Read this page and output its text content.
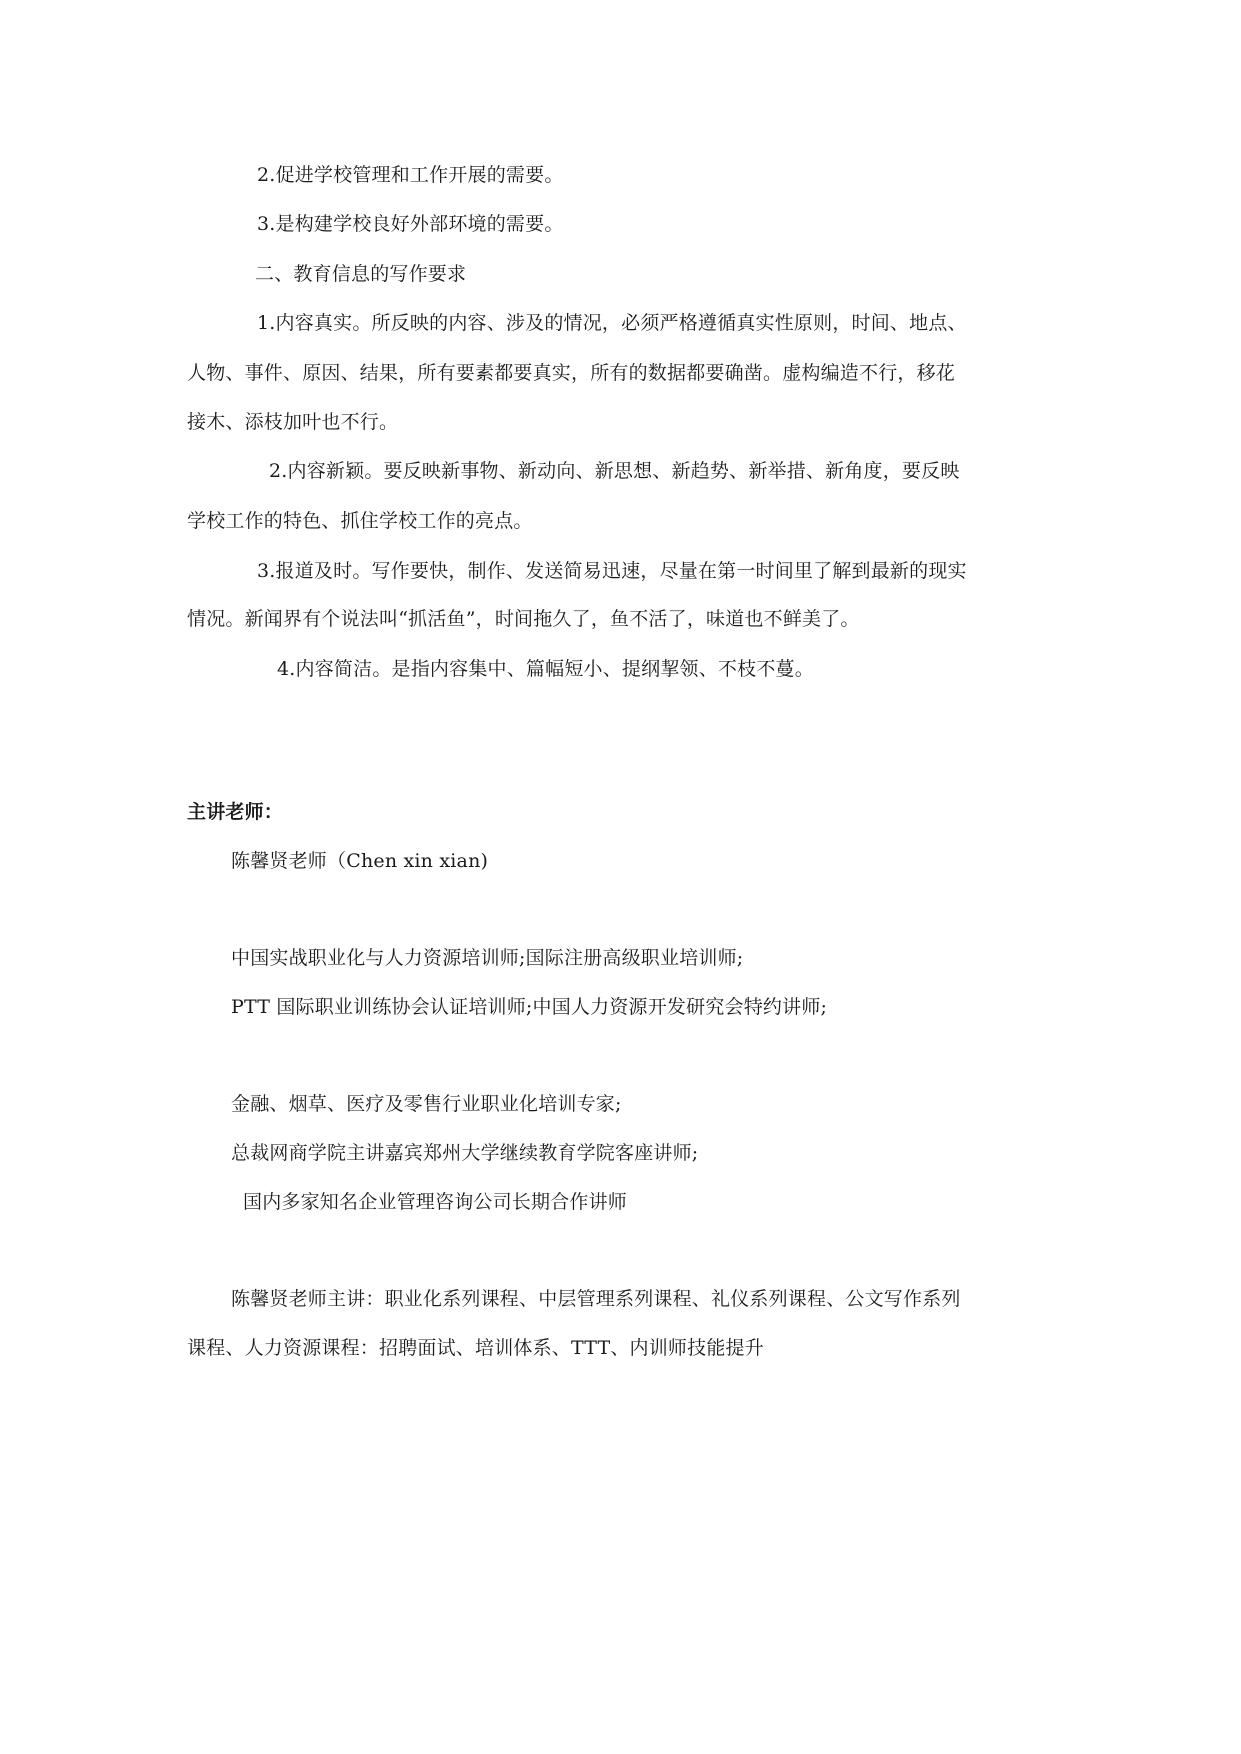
2.促进学校管理和工作开展的需要。
3.是构建学校良好外部环境的需要。
二、教育信息的写作要求
1.内容真实。所反映的内容、涉及的情况，必须严格遵循真实性原则，时间、地点、
人物、事件、原因、结果，所有要素都要真实，所有的数据都要确凿。虚构编造不行，移花
接木、添枝加叶也不行。
2.内容新颖。要反映新事物、新动向、新思想、新趋势、新举措、新角度，要反映
学校工作的特色、抓住学校工作的亮点。
3.报道及时。写作要快，制作、发送简易迅速，尽量在第一时间里了解到最新的现实
情况。新闻界有个说法叫“抓活鱼”，时间拖久了，鱼不活了，味道也不鲜美了。
4.内容简洁。是指内容集中、篇幅短小、提纲挈领、不枝不蔓。
主讲老师：
陈馨贤老师（Chen xin xian)
中国实战职业化与人力资源培训师;国际注册高级职业培训师;
PTT 国际职业训练协会认证培训师;中国人力资源开发研究会特约讲师;
金融、烟草、医疗及零售行业职业化培训专家;
总裁网商学院主讲嘉宾郑州大学继续教育学院客座讲师;
国内多家知名企业管理咨询公司长期合作讲师
陈馨贤老师主讲：职业化系列课程、中层管理系列课程、礼仪系列课程、公文写作系列
课程、人力资源课程：招聘面试、培训体系、TTT、内训师技能提升
